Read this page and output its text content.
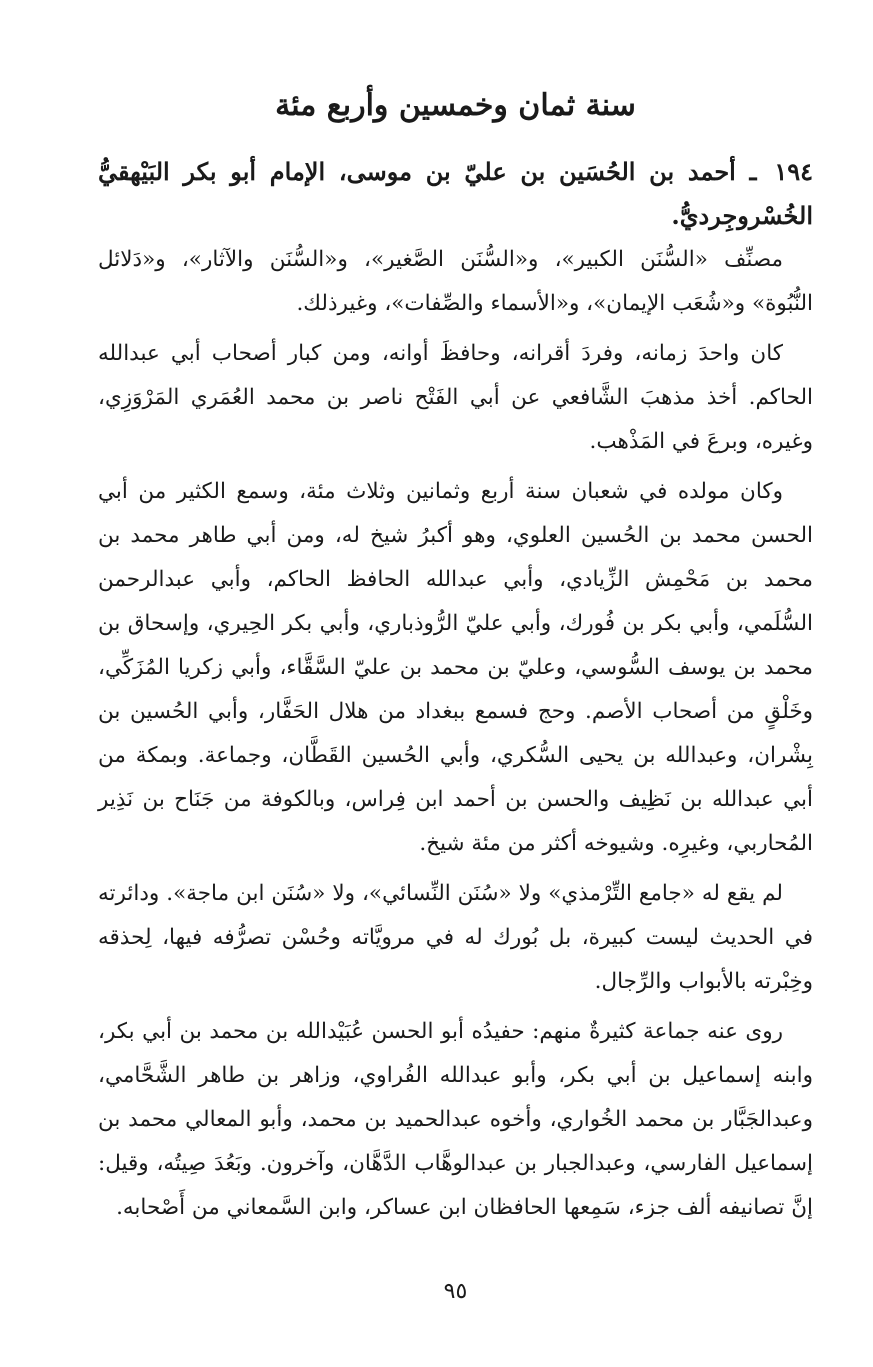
سنة ثمان وخمسين وأربع مئة
١٩٤ ـ أحمد بن الحُسَين بن عليّ بن موسى، الإمام أبو بكر البَيْهقيُّ الخُسْروجِرديُّ.

مصنِّف «السُّنَن الكبير»، و«السُّنَن الصَّغير»، و«السُّنَن والآثار»، و«دَلائل النُّبُوة» و«شُعَب الإيمان»، و«الأسماء والصِّفات»، وغيرذلك.

كان واحدَ زمانه، وفردَ أقرانه، وحافظَ أوانه، ومن كبار أصحاب أبي عبدالله الحاكم. أخذ مذهبَ الشَّافعي عن أبي الفَتْح ناصر بن محمد العُمَري المَرْوَزِي، وغيره، وبرعَ في المَذْهب.

وكان مولده في شعبان سنة أربع وثمانين وثلاث مئة، وسمع الكثير من أبي الحسن محمد بن الحُسين العلوي، وهو أكبرُ شيخ له، ومن أبي طاهر محمد بن محمد بن مَحْمِش الزِّيادي، وأبي عبدالله الحافظ الحاكم، وأبي عبدالرحمن السُّلَمي، وأبي بكر بن فُورك، وأبي عليّ الرُّوذباري، وأبي بكر الحِيري، وإسحاق بن محمد بن يوسف السُّوسي، وعليّ بن محمد بن عليّ السَّقَّاء، وأبي زكريا المُزَكِّي، وخَلْقٍ من أصحاب الأصم. وحج فسمع ببغداد من هلال الحَفَّار، وأبي الحُسين بن بِشْران، وعبدالله بن يحيى السُّكري، وأبي الحُسين القَطَّان، وجماعة. وبمكة من أبي عبدالله بن نَظِيف والحسن بن أحمد ابن فِراس، وبالكوفة من جَنَاح بن نَذِير المُحاربي، وغيرِه. وشيوخه أكثر من مئة شيخ.

لم يقع له «جامع التِّرْمذي» ولا «سُنَن النِّسائي»، ولا «سُنَن ابن ماجة». ودائرته في الحديث ليست كبيرة، بل بُورك له في مرويَّاته وحُسْن تصرُّفه فيها، لِحذقه وخِبْرته بالأبواب والرِّجال.

روى عنه جماعة كثيرةٌ منهم: حفيدُه أبو الحسن عُبَيْدالله بن محمد بن أبي بكر، وابنه إسماعيل بن أبي بكر، وأبو عبدالله الفُراوي، وزاهر بن طاهر الشَّحَّامي، وعبدالجَبَّار بن محمد الخُواري، وأخوه عبدالحميد بن محمد، وأبو المعالي محمد بن إسماعيل الفارسي، وعبدالجبار بن عبدالوهَّاب الدَّهَّان، وآخرون. وبَعُدَ صِيتُه، وقيل: إنَّ تصانيفه ألف جزء، سَمِعها الحافظان ابن عساكر، وابن السَّمعاني من أَصْحابه.

٩٥
